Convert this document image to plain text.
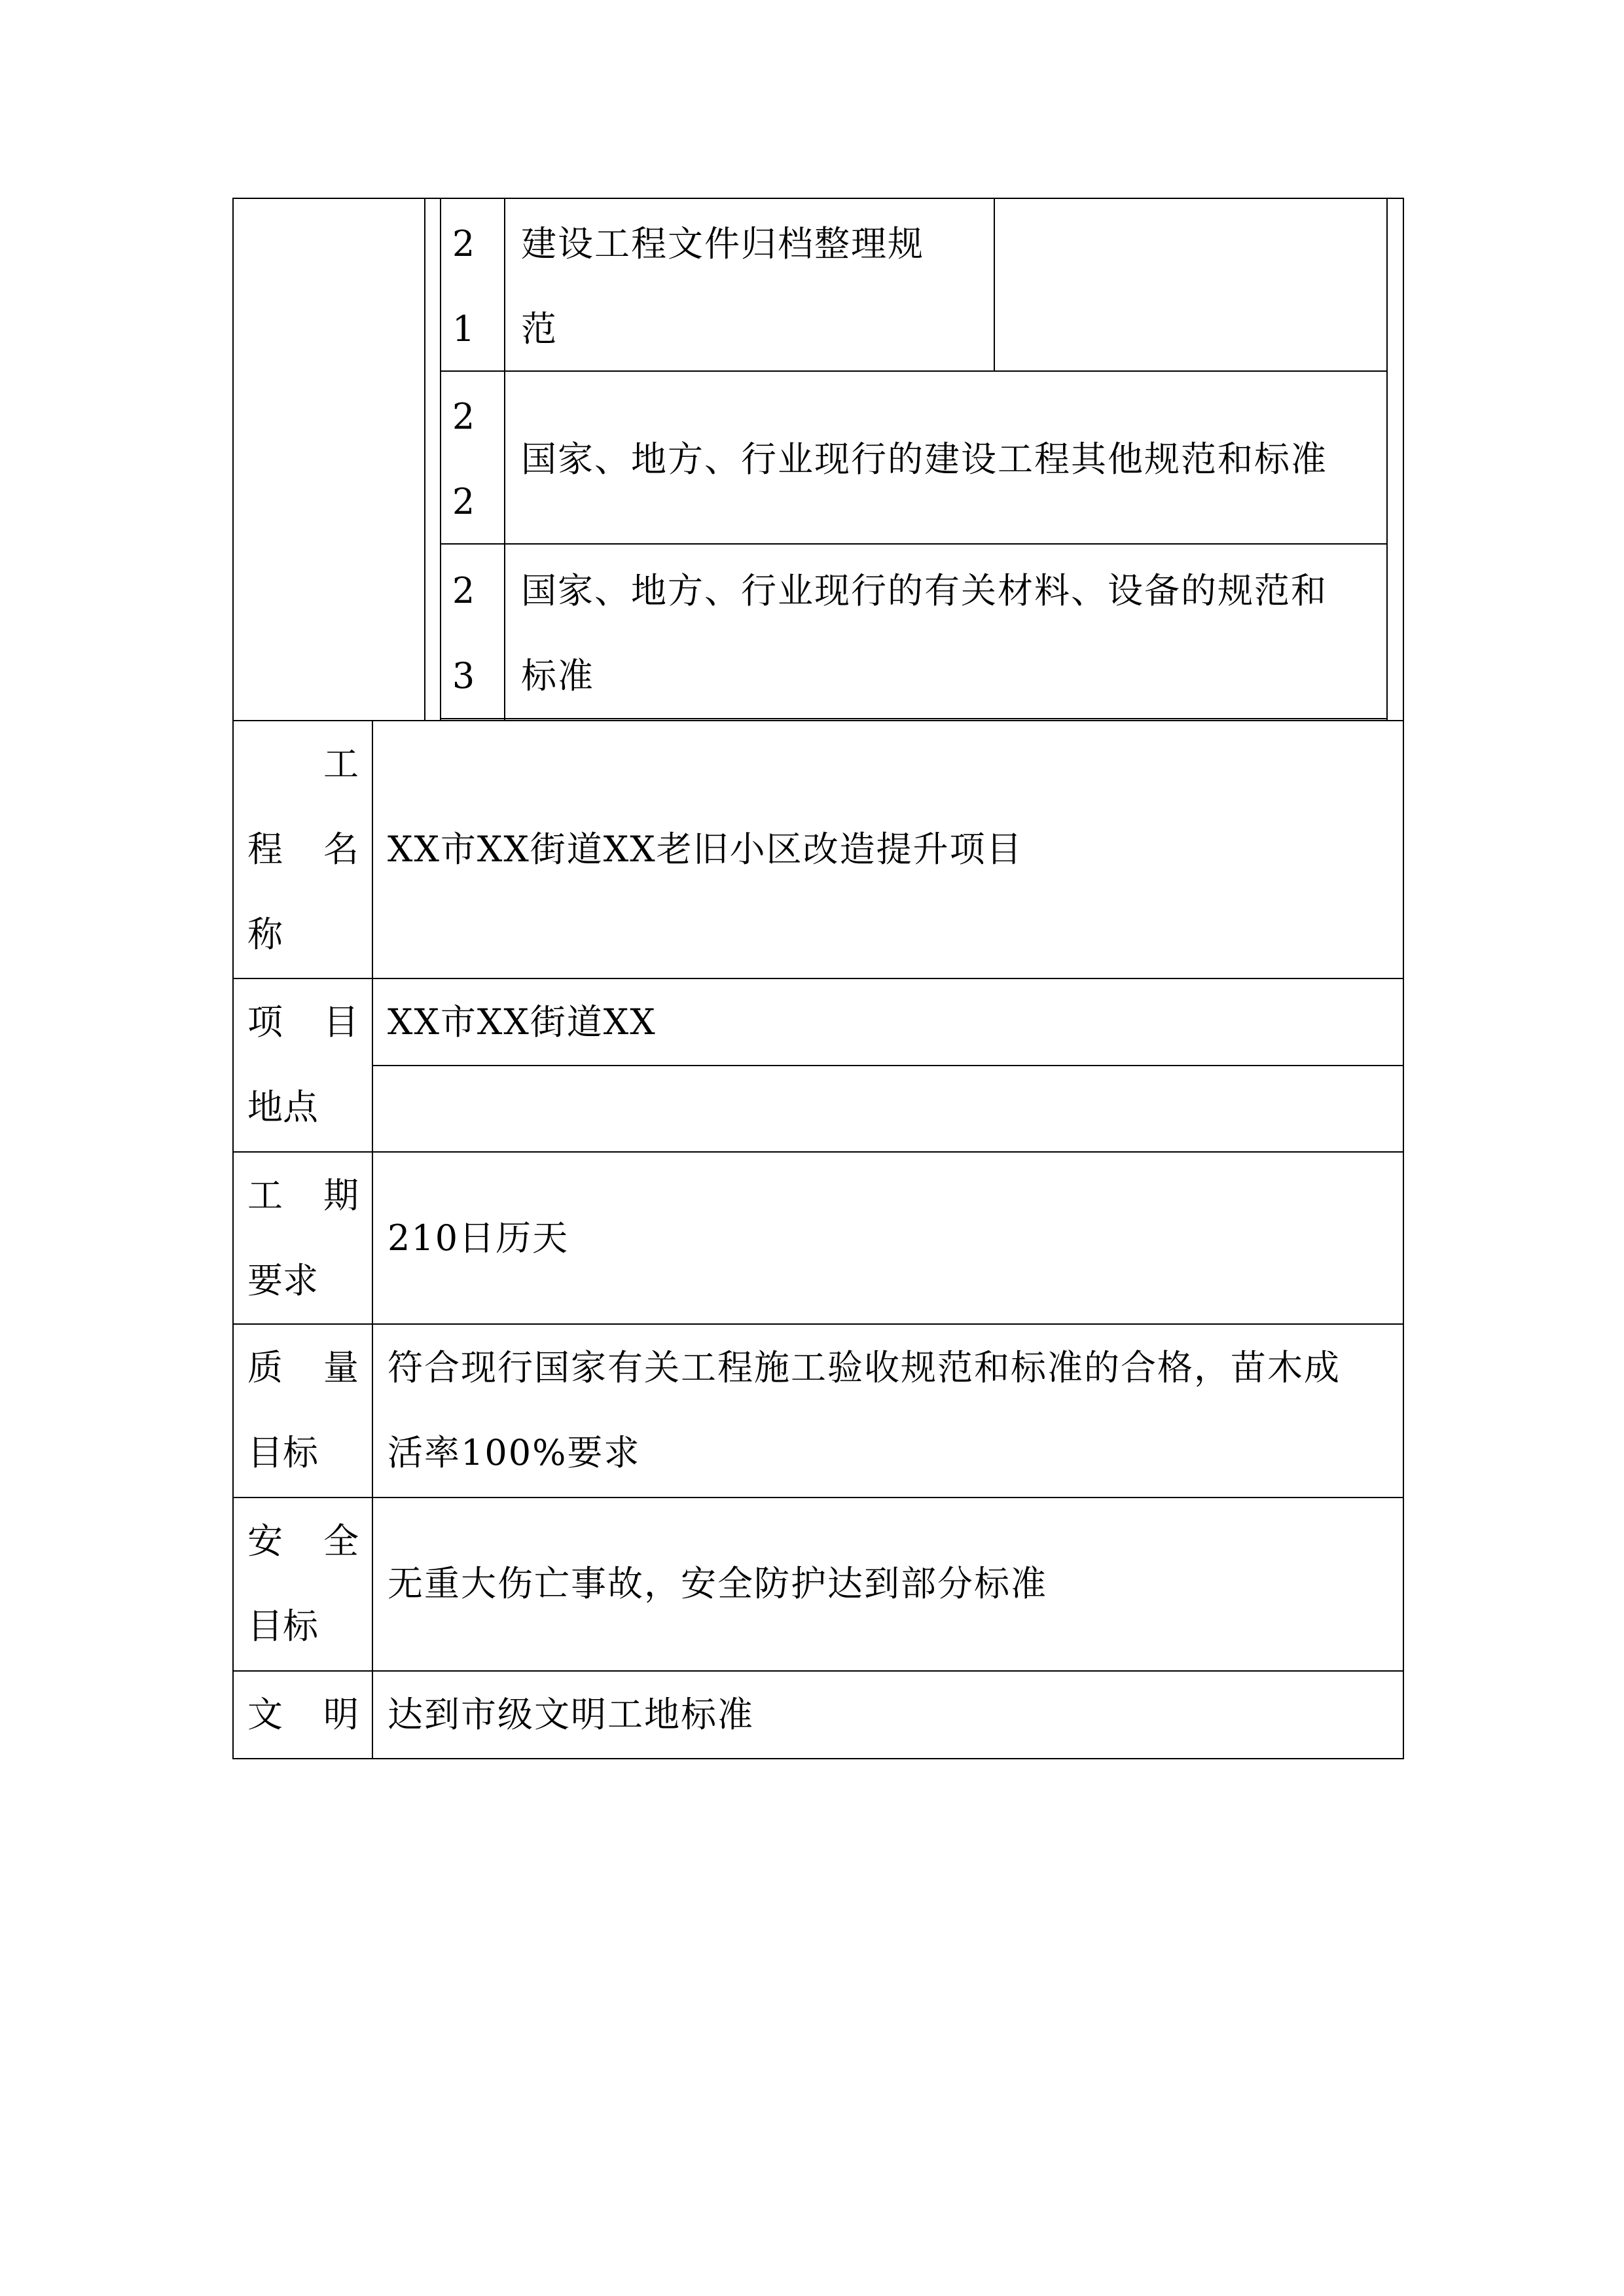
2
1
建设工程文件归档整理规
范
2
2
国家、地方、行业现行的建设工程其他规范和标准
2
3
国家、地方、行业现行的有关材料、设备的规范和
标准
工
程 名
称
XX市XX街道XX老旧小区改造提升项目
项 目
地点
XX市XX街道XX
工 期
要求
210日历天
质 量
目标
符合现行国家有关工程施工验收规范和标准的合格，苗木成
活率100%要求
安 全
目标
无重大伤亡事故，安全防护达到部分标准
文 明 达到市级文明工地标准
